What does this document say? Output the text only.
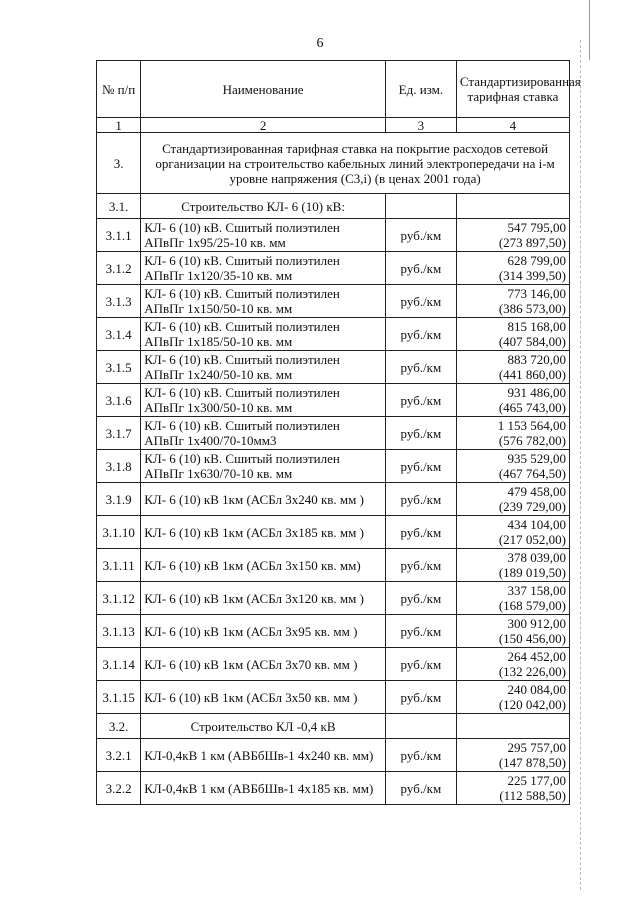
6
№ п/п	Наименование	Ед. изм.	Стандартизированная тарифная ставка
1	2	3	4
3.	Стандартизированная тарифная ставка на покрытие расходов сетевой организации на строительство кабельных линий электропередачи на i-м уровне напряжения (С3,i) (в ценах 2001 года)		
3.1.	Строительство КЛ- 6 (10) кВ:		
3.1.1	КЛ- 6 (10) кВ. Сшитый полиэтилен АПвПг 1х95/25-10 кв. мм	руб./км	547 795,00
(273 897,50)

3.1.2	КЛ- 6 (10) кВ. Сшитый полиэтилен АПвПг 1х120/35-10 кв. мм	руб./км	628 799,00
(314 399,50)

3.1.3	КЛ- 6 (10) кВ. Сшитый полиэтилен АПвПг 1х150/50-10 кв. мм	руб./км	773 146,00
(386 573,00)

3.1.4	КЛ- 6 (10) кВ. Сшитый полиэтилен АПвПг 1х185/50-10 кв. мм	руб./км	815 168,00
(407 584,00)

3.1.5	КЛ- 6 (10) кВ. Сшитый полиэтилен АПвПг 1х240/50-10 кв. мм	руб./км	883 720,00
(441 860,00)

3.1.6	КЛ- 6 (10) кВ. Сшитый полиэтилен АПвПг 1х300/50-10 кв. мм	руб./км	931 486,00
(465 743,00)

3.1.7	КЛ- 6 (10) кВ. Сшитый полиэтилен АПвПг 1х400/70-10мм3	руб./км	1 153 564,00
(576 782,00)

3.1.8	КЛ- 6 (10) кВ. Сшитый полиэтилен АПвПг 1х630/70-10 кв. мм	руб./км	935 529,00
(467 764,50)

3.1.9	КЛ- 6 (10) кВ 1км (АСБл 3х240 кв. мм )	руб./км	479 458,00
(239 729,00)

3.1.10	КЛ- 6 (10) кВ 1км (АСБл 3х185 кв. мм )	руб./км	434 104,00
(217 052,00)

3.1.11	КЛ- 6 (10) кВ 1км (АСБл 3х150 кв. мм)	руб./км	378 039,00
(189 019,50)

3.1.12	КЛ- 6 (10) кВ 1км (АСБл 3х120 кв. мм )	руб./км	337 158,00
(168 579,00)

3.1.13	КЛ- 6 (10) кВ 1км (АСБл 3х95 кв. мм )	руб./км	300 912,00
(150 456,00)

3.1.14	КЛ- 6 (10) кВ 1км (АСБл 3х70 кв. мм )	руб./км	264 452,00
(132 226,00)

3.1.15	КЛ- 6 (10) кВ 1км (АСБл 3х50 кв. мм )	руб./км	240 084,00
(120 042,00)

3.2.	Строительство КЛ -0,4 кВ		
3.2.1	КЛ-0,4кВ 1 км (АВБбШв-1 4х240 кв. мм)	руб./км	295 757,00
(147 878,50)

3.2.2	КЛ-0,4кВ 1 км (АВБбШв-1 4х185 кв. мм)	руб./км	225 177,00
(112 588,50)
